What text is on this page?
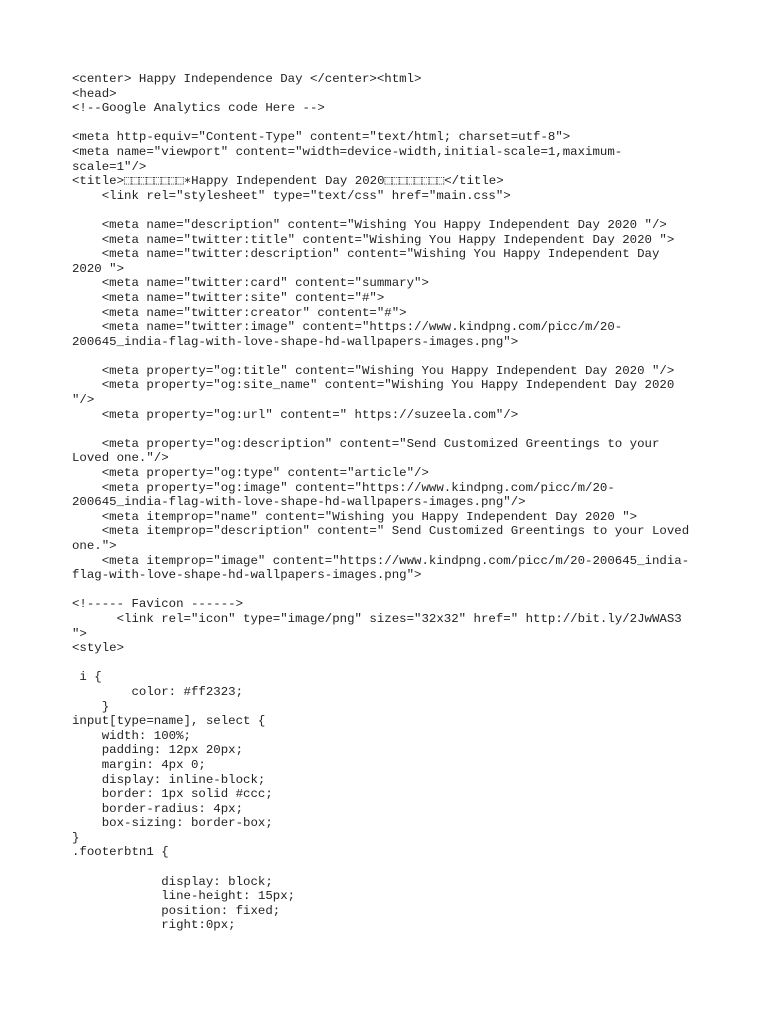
<center> Happy Independence Day </center><html>
<head>
<!--Google Analytics code Here -->

<meta http-equiv="Content-Type" content="text/html; charset=utf-8">
<meta name="viewport" content="width=device-width,initial-scale=1,maximum-
scale=1"/>
<title>⬚⬚⬚⬚⬚⬚⬚⬚∗Happy Independent Day 2020⬚⬚⬚⬚⬚⬚⬚⬚</title>
<link rel="stylesheet" type="text/css" href="main.css">

<meta name="description" content="Wishing You Happy Independent Day 2020 "/>
<meta name="twitter:title" content="Wishing You Happy Independent Day 2020 ">
<meta name="twitter:description" content="Wishing You Happy Independent Day
2020 ">
<meta name="twitter:card" content="summary">
<meta name="twitter:site" content="#">
<meta name="twitter:creator" content="#">
<meta name="twitter:image" content="https://www.kindpng.com/picc/m/20-
200645_india-flag-with-love-shape-hd-wallpapers-images.png">

<meta property="og:title" content="Wishing You Happy Independent Day 2020 "/>
<meta property="og:site_name" content="Wishing You Happy Independent Day 2020
"/>
<meta property="og:url" content=" https://suzeela.com"/>

<meta property="og:description" content="Send Customized Greentings to your
Loved one."/>
<meta property="og:type" content="article"/>
<meta property="og:image" content="https://www.kindpng.com/picc/m/20-
200645_india-flag-with-love-shape-hd-wallpapers-images.png"/>
<meta itemprop="name" content="Wishing you Happy Independent Day 2020 ">
<meta itemprop="description" content=" Send Customized Greentings to your Loved
one.">
<meta itemprop="image" content="https://www.kindpng.com/picc/m/20-200645_india-
flag-with-love-shape-hd-wallpapers-images.png">

<!----- Favicon ------>
<link rel="icon" type="image/png" sizes="32x32" href=" http://bit.ly/2JwWAS3
">
<style>

i {
color: #ff2323;
}
input[type=name], select {
width: 100%;
padding: 12px 20px;
margin: 4px 0;
display: inline-block;
border: 1px solid #ccc;
border-radius: 4px;
box-sizing: border-box;
}
.footerbtn1 {

display: block;
line-height: 15px;
position: fixed;
right:0px;
